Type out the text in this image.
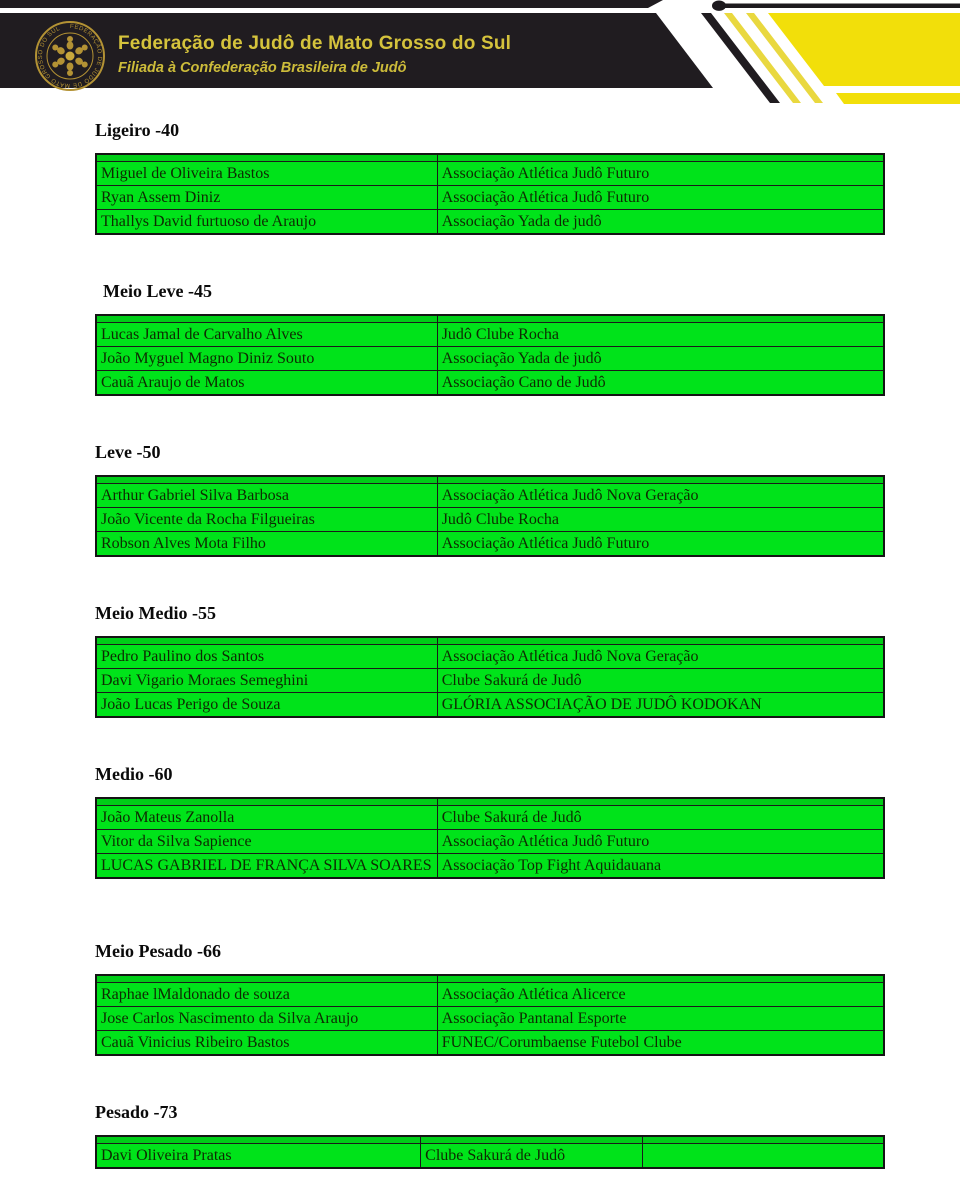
FEDERAÇÃO DE JUDÔ DE MATO GROSSO DO SUL
Federação de Judô de Mato Grosso do Sul
Filiada à Confederação Brasileira de Judô

Ligeiro -40

Miguel de Oliveira Bastos	Associação Atlética Judô Futuro
Ryan Assem Diniz	Associação Atlética Judô Futuro
Thallys David furtuoso de Araujo	Associação Yada de judô

Meio Leve -45

Lucas Jamal de Carvalho Alves	Judô Clube Rocha
João Myguel Magno Diniz Souto	Associação Yada de judô
Cauã Araujo de Matos	Associação Cano de Judô

Leve -50

Arthur Gabriel Silva Barbosa	Associação Atlética Judô Nova Geração
João Vicente da Rocha Filgueiras	Judô Clube Rocha
Robson Alves Mota Filho	Associação Atlética Judô Futuro

Meio Medio -55

Pedro Paulino dos Santos	Associação Atlética Judô Nova Geração
Davi Vigario Moraes Semeghini	Clube Sakurá de Judô
João Lucas Perigo de Souza	GLÓRIA ASSOCIAÇÃO DE JUDÔ KODOKAN

Medio -60

João Mateus Zanolla	Clube Sakurá de Judô
Vitor da Silva Sapience	Associação Atlética Judô Futuro
LUCAS GABRIEL DE FRANÇA SILVA SOARES	Associação Top Fight Aquidauana

Meio Pesado -66

Raphae lMaldonado de souza	Associação Atlética Alicerce
Jose Carlos Nascimento da Silva Araujo	Associação Pantanal Esporte
Cauã Vinicius Ribeiro Bastos	FUNEC/Corumbaense Futebol Clube

Pesado -73

Davi Oliveira Pratas	Clube Sakurá de Judô	
